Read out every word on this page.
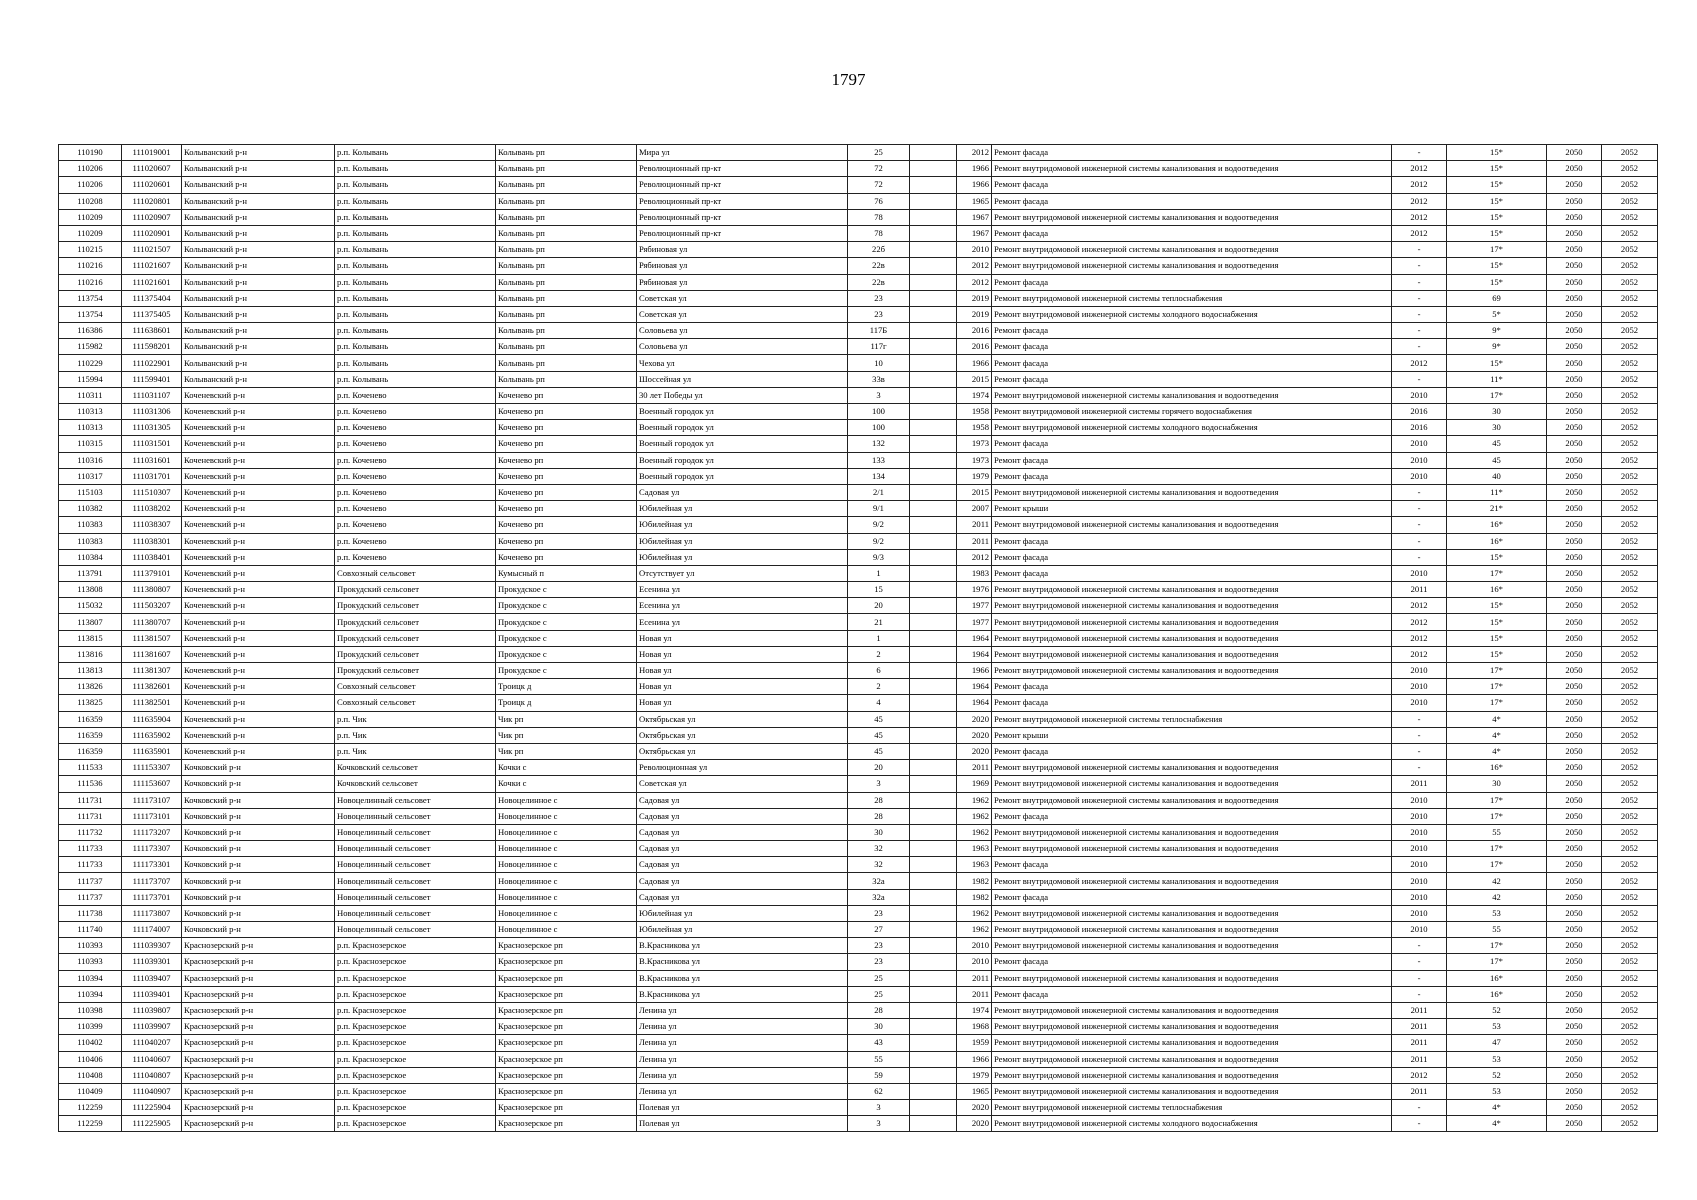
1797
110190	111019001	Колыванский р-н	р.п. Колывань	Колывань рп	Мира ул	25		2012	Ремонт фасада	-	15*	2050	2052
110206	111020607	Колыванский р-н	р.п. Колывань	Колывань рп	Революционный пр-кт	72		1966	Ремонт внутридомовой инженерной системы канализования и водоотведения	2012	15*	2050	2052
110206	111020601	Колыванский р-н	р.п. Колывань	Колывань рп	Революционный пр-кт	72		1966	Ремонт фасада	2012	15*	2050	2052
110208	111020801	Колыванский р-н	р.п. Колывань	Колывань рп	Революционный пр-кт	76		1965	Ремонт фасада	2012	15*	2050	2052
110209	111020907	Колыванский р-н	р.п. Колывань	Колывань рп	Революционный пр-кт	78		1967	Ремонт внутридомовой инженерной системы канализования и водоотведения	2012	15*	2050	2052
110209	111020901	Колыванский р-н	р.п. Колывань	Колывань рп	Революционный пр-кт	78		1967	Ремонт фасада	2012	15*	2050	2052
110215	111021507	Колыванский р-н	р.п. Колывань	Колывань рп	Рябиновая ул	22б		2010	Ремонт внутридомовой инженерной системы канализования и водоотведения	-	17*	2050	2052
110216	111021607	Колыванский р-н	р.п. Колывань	Колывань рп	Рябиновая ул	22в		2012	Ремонт внутридомовой инженерной системы канализования и водоотведения	-	15*	2050	2052
110216	111021601	Колыванский р-н	р.п. Колывань	Колывань рп	Рябиновая ул	22в		2012	Ремонт фасада	-	15*	2050	2052
113754	111375404	Колыванский р-н	р.п. Колывань	Колывань рп	Советская ул	23		2019	Ремонт внутридомовой инженерной системы теплоснабжения	-	69	2050	2052
113754	111375405	Колыванский р-н	р.п. Колывань	Колывань рп	Советская ул	23		2019	Ремонт внутридомовой инженерной системы холодного водоснабжения	-	5*	2050	2052
116386	111638601	Колыванский р-н	р.п. Колывань	Колывань рп	Соловьева ул	117Б		2016	Ремонт фасада	-	9*	2050	2052
115982	111598201	Колыванский р-н	р.п. Колывань	Колывань рп	Соловьева ул	117г		2016	Ремонт фасада	-	9*	2050	2052
110229	111022901	Колыванский р-н	р.п. Колывань	Колывань рп	Чехова ул	10		1966	Ремонт фасада	2012	15*	2050	2052
115994	111599401	Колыванский р-н	р.п. Колывань	Колывань рп	Шоссейная ул	33в		2015	Ремонт фасада	-	11*	2050	2052
110311	111031107	Коченевский р-н	р.п. Коченево	Коченево рп	30 лет Победы ул	3		1974	Ремонт внутридомовой инженерной системы канализования и водоотведения	2010	17*	2050	2052
110313	111031306	Коченевский р-н	р.п. Коченево	Коченево рп	Военный городок ул	100		1958	Ремонт внутридомовой инженерной системы горячего водоснабжения	2016	30	2050	2052
110313	111031305	Коченевский р-н	р.п. Коченево	Коченево рп	Военный городок ул	100		1958	Ремонт внутридомовой инженерной системы холодного водоснабжения	2016	30	2050	2052
110315	111031501	Коченевский р-н	р.п. Коченево	Коченево рп	Военный городок ул	132		1973	Ремонт фасада	2010	45	2050	2052
110316	111031601	Коченевский р-н	р.п. Коченево	Коченево рп	Военный городок ул	133		1973	Ремонт фасада	2010	45	2050	2052
110317	111031701	Коченевский р-н	р.п. Коченево	Коченево рп	Военный городок ул	134		1979	Ремонт фасада	2010	40	2050	2052
115103	111510307	Коченевский р-н	р.п. Коченево	Коченево рп	Садовая ул	2/1		2015	Ремонт внутридомовой инженерной системы канализования и водоотведения	-	11*	2050	2052
110382	111038202	Коченевский р-н	р.п. Коченево	Коченево рп	Юбилейная ул	9/1		2007	Ремонт крыши	-	21*	2050	2052
110383	111038307	Коченевский р-н	р.п. Коченево	Коченево рп	Юбилейная ул	9/2		2011	Ремонт внутридомовой инженерной системы канализования и водоотведения	-	16*	2050	2052
110383	111038301	Коченевский р-н	р.п. Коченево	Коченево рп	Юбилейная ул	9/2		2011	Ремонт фасада	-	16*	2050	2052
110384	111038401	Коченевский р-н	р.п. Коченево	Коченево рп	Юбилейная ул	9/3		2012	Ремонт фасада	-	15*	2050	2052
113791	111379101	Коченевский р-н	Совхозный сельсовет	Кумысный п	Отсутствует ул	1		1983	Ремонт фасада	2010	17*	2050	2052
113808	111380807	Коченевский р-н	Прокудский сельсовет	Прокудское с	Есенина ул	15		1976	Ремонт внутридомовой инженерной системы канализования и водоотведения	2011	16*	2050	2052
115032	111503207	Коченевский р-н	Прокудский сельсовет	Прокудское с	Есенина ул	20		1977	Ремонт внутридомовой инженерной системы канализования и водоотведения	2012	15*	2050	2052
113807	111380707	Коченевский р-н	Прокудский сельсовет	Прокудское с	Есенина ул	21		1977	Ремонт внутридомовой инженерной системы канализования и водоотведения	2012	15*	2050	2052
113815	111381507	Коченевский р-н	Прокудский сельсовет	Прокудское с	Новая ул	1		1964	Ремонт внутридомовой инженерной системы канализования и водоотведения	2012	15*	2050	2052
113816	111381607	Коченевский р-н	Прокудский сельсовет	Прокудское с	Новая ул	2		1964	Ремонт внутридомовой инженерной системы канализования и водоотведения	2012	15*	2050	2052
113813	111381307	Коченевский р-н	Прокудский сельсовет	Прокудское с	Новая ул	6		1966	Ремонт внутридомовой инженерной системы канализования и водоотведения	2010	17*	2050	2052
113826	111382601	Коченевский р-н	Совхозный сельсовет	Троицк д	Новая ул	2		1964	Ремонт фасада	2010	17*	2050	2052
113825	111382501	Коченевский р-н	Совхозный сельсовет	Троицк д	Новая ул	4		1964	Ремонт фасада	2010	17*	2050	2052
116359	111635904	Коченевский р-н	р.п. Чик	Чик рп	Октябрьская ул	45		2020	Ремонт внутридомовой инженерной системы теплоснабжения	-	4*	2050	2052
116359	111635902	Коченевский р-н	р.п. Чик	Чик рп	Октябрьская ул	45		2020	Ремонт крыши	-	4*	2050	2052
116359	111635901	Коченевский р-н	р.п. Чик	Чик рп	Октябрьская ул	45		2020	Ремонт фасада	-	4*	2050	2052
111533	111153307	Кочковский р-н	Кочковский сельсовет	Кочки с	Революционная ул	20		2011	Ремонт внутридомовой инженерной системы канализования и водоотведения	-	16*	2050	2052
111536	111153607	Кочковский р-н	Кочковский сельсовет	Кочки с	Советская ул	3		1969	Ремонт внутридомовой инженерной системы канализования и водоотведения	2011	30	2050	2052
111731	111173107	Кочковский р-н	Новоцелинный сельсовет	Новоцелинное с	Садовая ул	28		1962	Ремонт внутридомовой инженерной системы канализования и водоотведения	2010	17*	2050	2052
111731	111173101	Кочковский р-н	Новоцелинный сельсовет	Новоцелинное с	Садовая ул	28		1962	Ремонт фасада	2010	17*	2050	2052
111732	111173207	Кочковский р-н	Новоцелинный сельсовет	Новоцелинное с	Садовая ул	30		1962	Ремонт внутридомовой инженерной системы канализования и водоотведения	2010	55	2050	2052
111733	111173307	Кочковский р-н	Новоцелинный сельсовет	Новоцелинное с	Садовая ул	32		1963	Ремонт внутридомовой инженерной системы канализования и водоотведения	2010	17*	2050	2052
111733	111173301	Кочковский р-н	Новоцелинный сельсовет	Новоцелинное с	Садовая ул	32		1963	Ремонт фасада	2010	17*	2050	2052
111737	111173707	Кочковский р-н	Новоцелинный сельсовет	Новоцелинное с	Садовая ул	32а		1982	Ремонт внутридомовой инженерной системы канализования и водоотведения	2010	42	2050	2052
111737	111173701	Кочковский р-н	Новоцелинный сельсовет	Новоцелинное с	Садовая ул	32а		1982	Ремонт фасада	2010	42	2050	2052
111738	111173807	Кочковский р-н	Новоцелинный сельсовет	Новоцелинное с	Юбилейная ул	23		1962	Ремонт внутридомовой инженерной системы канализования и водоотведения	2010	53	2050	2052
111740	111174007	Кочковский р-н	Новоцелинный сельсовет	Новоцелинное с	Юбилейная ул	27		1962	Ремонт внутридомовой инженерной системы канализования и водоотведения	2010	55	2050	2052
110393	111039307	Краснозерский р-н	р.п. Краснозерское	Краснозерское рп	В.Красникова ул	23		2010	Ремонт внутридомовой инженерной системы канализования и водоотведения	-	17*	2050	2052
110393	111039301	Краснозерский р-н	р.п. Краснозерское	Краснозерское рп	В.Красникова ул	23		2010	Ремонт фасада	-	17*	2050	2052
110394	111039407	Краснозерский р-н	р.п. Краснозерское	Краснозерское рп	В.Красникова ул	25		2011	Ремонт внутридомовой инженерной системы канализования и водоотведения	-	16*	2050	2052
110394	111039401	Краснозерский р-н	р.п. Краснозерское	Краснозерское рп	В.Красникова ул	25		2011	Ремонт фасада	-	16*	2050	2052
110398	111039807	Краснозерский р-н	р.п. Краснозерское	Краснозерское рп	Ленина ул	28		1974	Ремонт внутридомовой инженерной системы канализования и водоотведения	2011	52	2050	2052
110399	111039907	Краснозерский р-н	р.п. Краснозерское	Краснозерское рп	Ленина ул	30		1968	Ремонт внутридомовой инженерной системы канализования и водоотведения	2011	53	2050	2052
110402	111040207	Краснозерский р-н	р.п. Краснозерское	Краснозерское рп	Ленина ул	43		1959	Ремонт внутридомовой инженерной системы канализования и водоотведения	2011	47	2050	2052
110406	111040607	Краснозерский р-н	р.п. Краснозерское	Краснозерское рп	Ленина ул	55		1966	Ремонт внутридомовой инженерной системы канализования и водоотведения	2011	53	2050	2052
110408	111040807	Краснозерский р-н	р.п. Краснозерское	Краснозерское рп	Ленина ул	59		1979	Ремонт внутридомовой инженерной системы канализования и водоотведения	2012	52	2050	2052
110409	111040907	Краснозерский р-н	р.п. Краснозерское	Краснозерское рп	Ленина ул	62		1965	Ремонт внутридомовой инженерной системы канализования и водоотведения	2011	53	2050	2052
112259	111225904	Краснозерский р-н	р.п. Краснозерское	Краснозерское рп	Полевая ул	3		2020	Ремонт внутридомовой инженерной системы теплоснабжения	-	4*	2050	2052
112259	111225905	Краснозерский р-н	р.п. Краснозерское	Краснозерское рп	Полевая ул	3		2020	Ремонт внутридомовой инженерной системы холодного водоснабжения	-	4*	2050	2052
